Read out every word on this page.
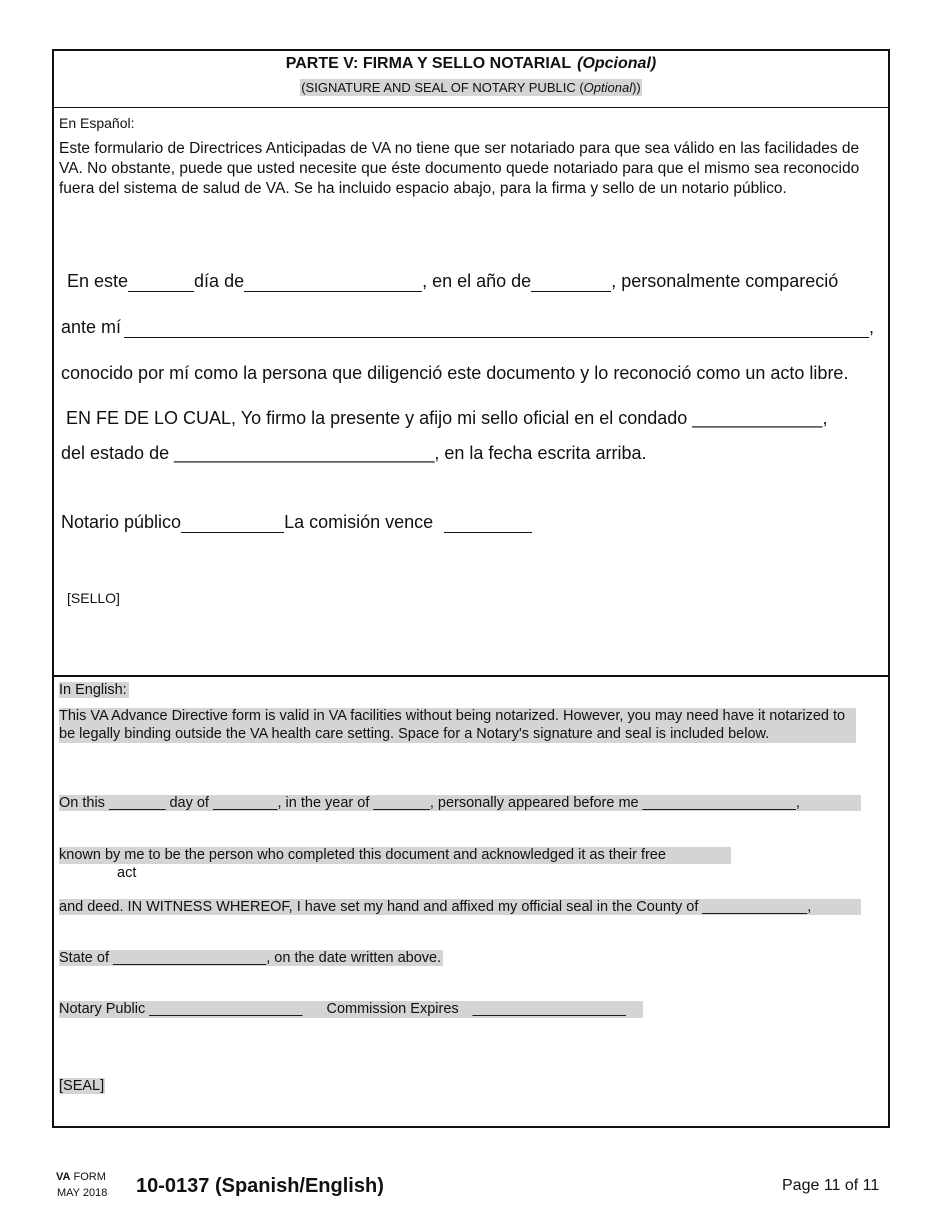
PARTE V: FIRMA Y SELLO NOTARIAL (Opcional)
(SIGNATURE AND SEAL OF NOTARY PUBLIC (Optional))
En Español:
Este formulario de Directrices Anticipadas de VA no tiene que ser notariado para que sea válido en las facilidades de VA. No obstante, puede que usted necesite que éste documento quede notariado para que el mismo sea reconocido fuera del sistema de salud de VA. Se ha incluido espacio abajo, para la firma y sello de un notario público.
En este	día de	, en el año de	, personalmente compareció
ante mí	,
conocido por mí como la persona que diligenció este documento y lo reconoció como un acto libre.
EN FE DE LO CUAL, Yo firmo la presente y afijo mi sello oficial en el condado _____________,
del estado de __________________________, en la fecha escrita arriba.
Notario público	La comisión vence
[SELLO]
In English:
This VA Advance Directive form is valid in VA facilities without being notarized. However, you may need have it notarized to be legally binding outside the VA health care setting. Space for a Notary's signature and seal is included below.
On this _______ day of ________, in the year of _______, personally appeared before me ___________________,
known by me to be the person who completed this document and acknowledged it as their free
act
and deed. IN WITNESS WHEREOF, I have set my hand and affixed my official seal in the County of _____________,
State of ___________________, on the date written above.
Notary Public ___________________ Commission Expires ___________________
[SEAL]
VA FORM
MAY 2018 10-0137 (Spanish/English)	Page 11 of 11
